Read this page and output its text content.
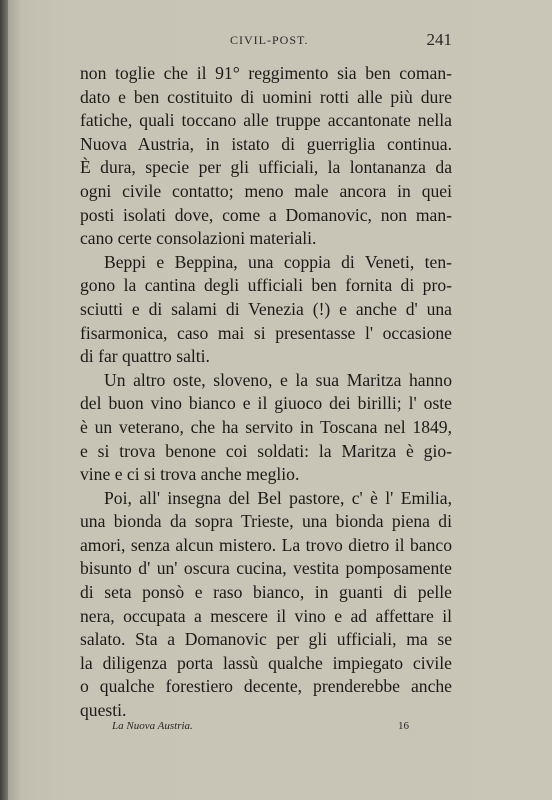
CIVIL-POST.	241

non toglie che il 91° reggimento sia ben coman-
dato e ben costituito di uomini rotti alle più dure
fatiche, quali toccano alle truppe accantonate nella
Nuova Austria, in istato di guerriglia continua.
È dura, specie per gli ufficiali, la lontananza da
ogni civile contatto; meno male ancora in quei
posti isolati dove, come a Domanovic, non man-
cano certe consolazioni materiali.

Beppi e Beppina, una coppia di Veneti, ten-
gono la cantina degli ufficiali ben fornita di pro-
sciutti e di salami di Venezia (!) e anche d' una
fisarmonica, caso mai si presentasse l' occasione
di far quattro salti.

Un altro oste, sloveno, e la sua Maritza hanno
del buon vino bianco e il giuoco dei birilli; l' oste
è un veterano, che ha servito in Toscana nel 1849,
e si trova benone coi soldati: la Maritza è gio-
vine e ci si trova anche meglio.

Poi, all' insegna del Bel pastore, c' è l' Emilia,
una bionda da sopra Trieste, una bionda piena di
amori, senza alcun mistero. La trovo dietro il banco
bisunto d' un' oscura cucina, vestita pomposamente
di seta ponsò e raso bianco, in guanti di pelle
nera, occupata a mescere il vino e ad affettare il
salato. Sta a Domanovic per gli ufficiali, ma se
la diligenza porta lassù qualche impiegato civile
o qualche forestiero decente, prenderebbe anche
questi.

La Nuova Austria.	16
